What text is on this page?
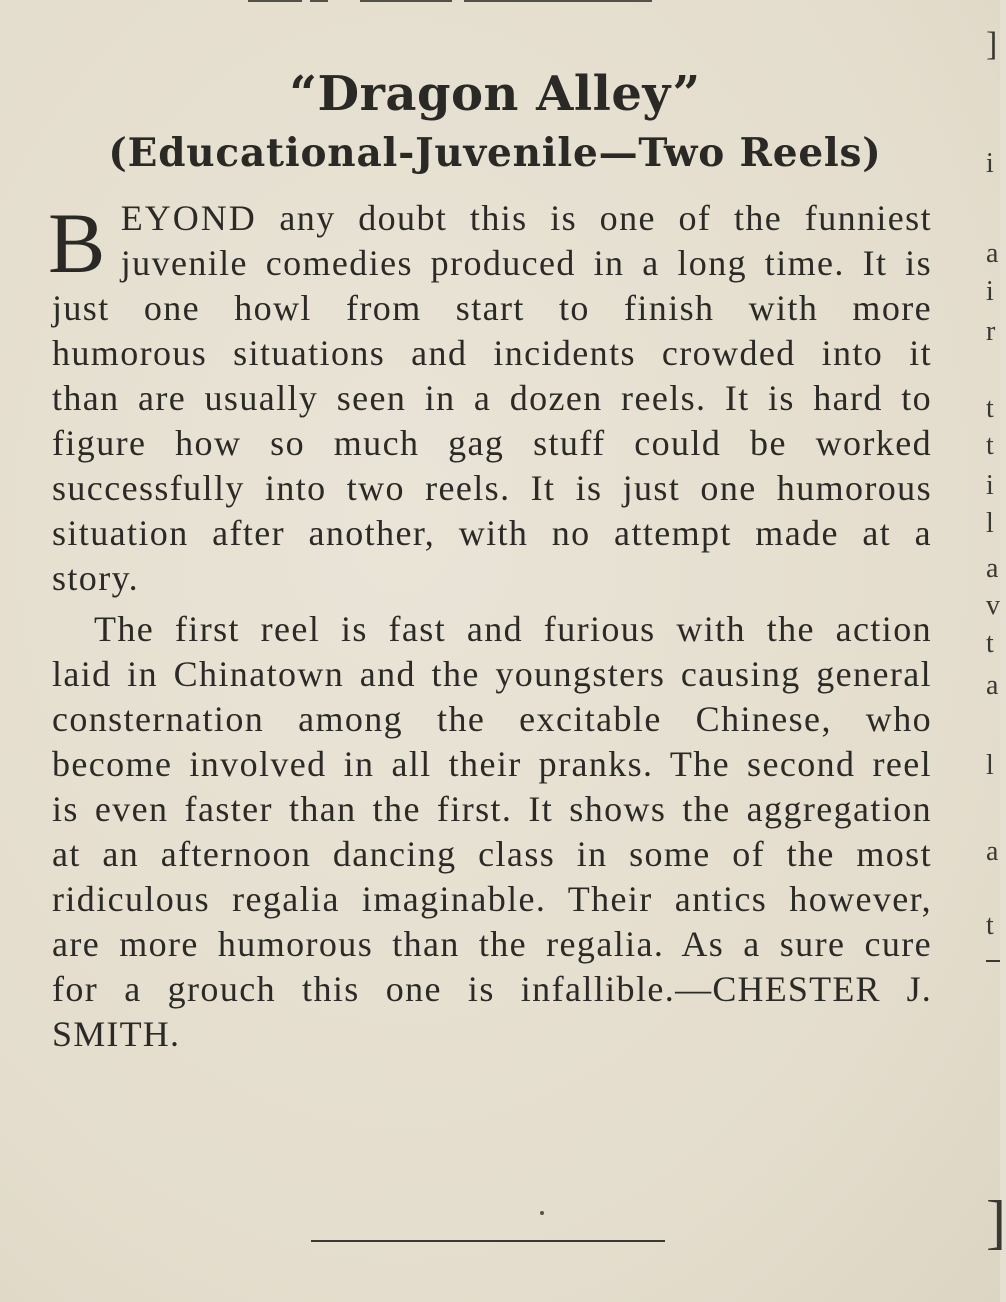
“Dragon Alley”
(Educational-Juvenile—Two Reels)

BEYOND any doubt this is one of the funniest juvenile comedies produced in a long time. It is just one howl from start to finish with more humorous situations and incidents crowded into it than are usually seen in a dozen reels. It is hard to figure how so much gag stuff could be worked successfully into two reels. It is just one humorous situation after another, with no attempt made at a story.

The first reel is fast and furious with the action laid in Chinatown and the youngsters causing general consternation among the excitable Chinese, who become involved in all their pranks. The second reel is even faster than the first. It shows the aggregation at an afternoon dancing class in some of the most ridiculous regalia imaginable. Their antics however, are more humorous than the regalia. As a sure cure for a grouch this one is infallible.—CHESTER J. SMITH.

]
i
a
i
r
t
t
i
l
a
v
t
a
l
a
t
]
